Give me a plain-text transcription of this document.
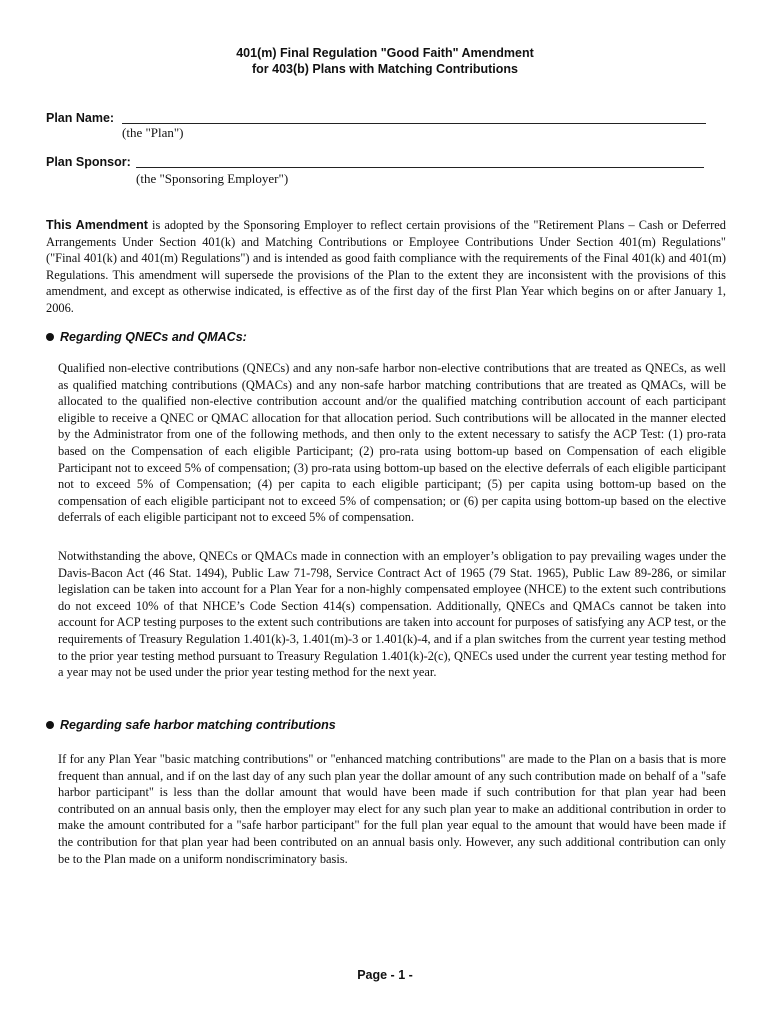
401(m) Final Regulation "Good Faith" Amendment
for 403(b) Plans with Matching Contributions
Plan Name:
(the "Plan")
Plan Sponsor:
(the "Sponsoring Employer")

This Amendment is adopted by the Sponsoring Employer to reflect certain provisions of the "Retirement Plans – Cash or Deferred Arrangements Under Section 401(k) and Matching Contributions or Employee Contributions Under Section 401(m) Regulations" ("Final 401(k) and 401(m) Regulations") and is intended as good faith compliance with the requirements of the Final 401(k) and 401(m) Regulations. This amendment will supersede the provisions of the Plan to the extent they are inconsistent with the provisions of this amendment, and except as otherwise indicated, is effective as of the first day of the first Plan Year which begins on or after January 1, 2006.

Regarding QNECs and QMACs:

Qualified non-elective contributions (QNECs) and any non-safe harbor non-elective contributions that are treated as QNECs, as well as qualified matching contributions (QMACs) and any non-safe harbor matching contributions that are treated as QMACs, will be allocated to the qualified non-elective contribution account and/or the qualified matching contribution account of each participant eligible to receive a QNEC or QMAC allocation for that allocation period. Such contributions will be allocated in the manner elected by the Administrator from one of the following methods, and then only to the extent necessary to satisfy the ACP Test: (1) pro-rata based on the Compensation of each eligible Participant; (2) pro-rata using bottom-up based on Compensation of each eligible Participant not to exceed 5% of compensation; (3) pro-rata using bottom-up based on the elective deferrals of each eligible participant not to exceed 5% of Compensation; (4) per capita to each eligible participant; (5) per capita using bottom-up based on the compensation of each eligible participant not to exceed 5% of compensation; or (6) per capita using bottom-up based on the elective deferrals of each eligible participant not to exceed 5% of compensation.

Notwithstanding the above, QNECs or QMACs made in connection with an employer’s obligation to pay prevailing wages under the Davis-Bacon Act (46 Stat. 1494), Public Law 71-798, Service Contract Act of 1965 (79 Stat. 1965), Public Law 89-286, or similar legislation can be taken into account for a Plan Year for a non-highly compensated employee (NHCE) to the extent such contributions do not exceed 10% of that NHCE’s Code Section 414(s) compensation. Additionally, QNECs and QMACs cannot be taken into account for ACP testing purposes to the extent such contributions are taken into account for purposes of satisfying any ACP test, or the requirements of Treasury Regulation 1.401(k)-3, 1.401(m)-3 or 1.401(k)-4, and if a plan switches from the current year testing method to the prior year testing method pursuant to Treasury Regulation 1.401(k)-2(c), QNECs used under the current year testing method for a year may not be used under the prior year testing method for the next year.

Regarding safe harbor matching contributions

If for any Plan Year "basic matching contributions" or "enhanced matching contributions" are made to the Plan on a basis that is more frequent than annual, and if on the last day of any such plan year the dollar amount of any such contribution made on behalf of a "safe harbor participant" is less than the dollar amount that would have been made if such contribution for that plan year had been contributed on an annual basis only, then the employer may elect for any such plan year to make an additional contribution in order to make the amount contributed for a "safe harbor participant" for the full plan year equal to the amount that would have been made if the contribution for that plan year had been contributed on an annual basis only. However, any such additional contribution can only be to the Plan made on a uniform nondiscriminatory basis.

Page - 1 -
